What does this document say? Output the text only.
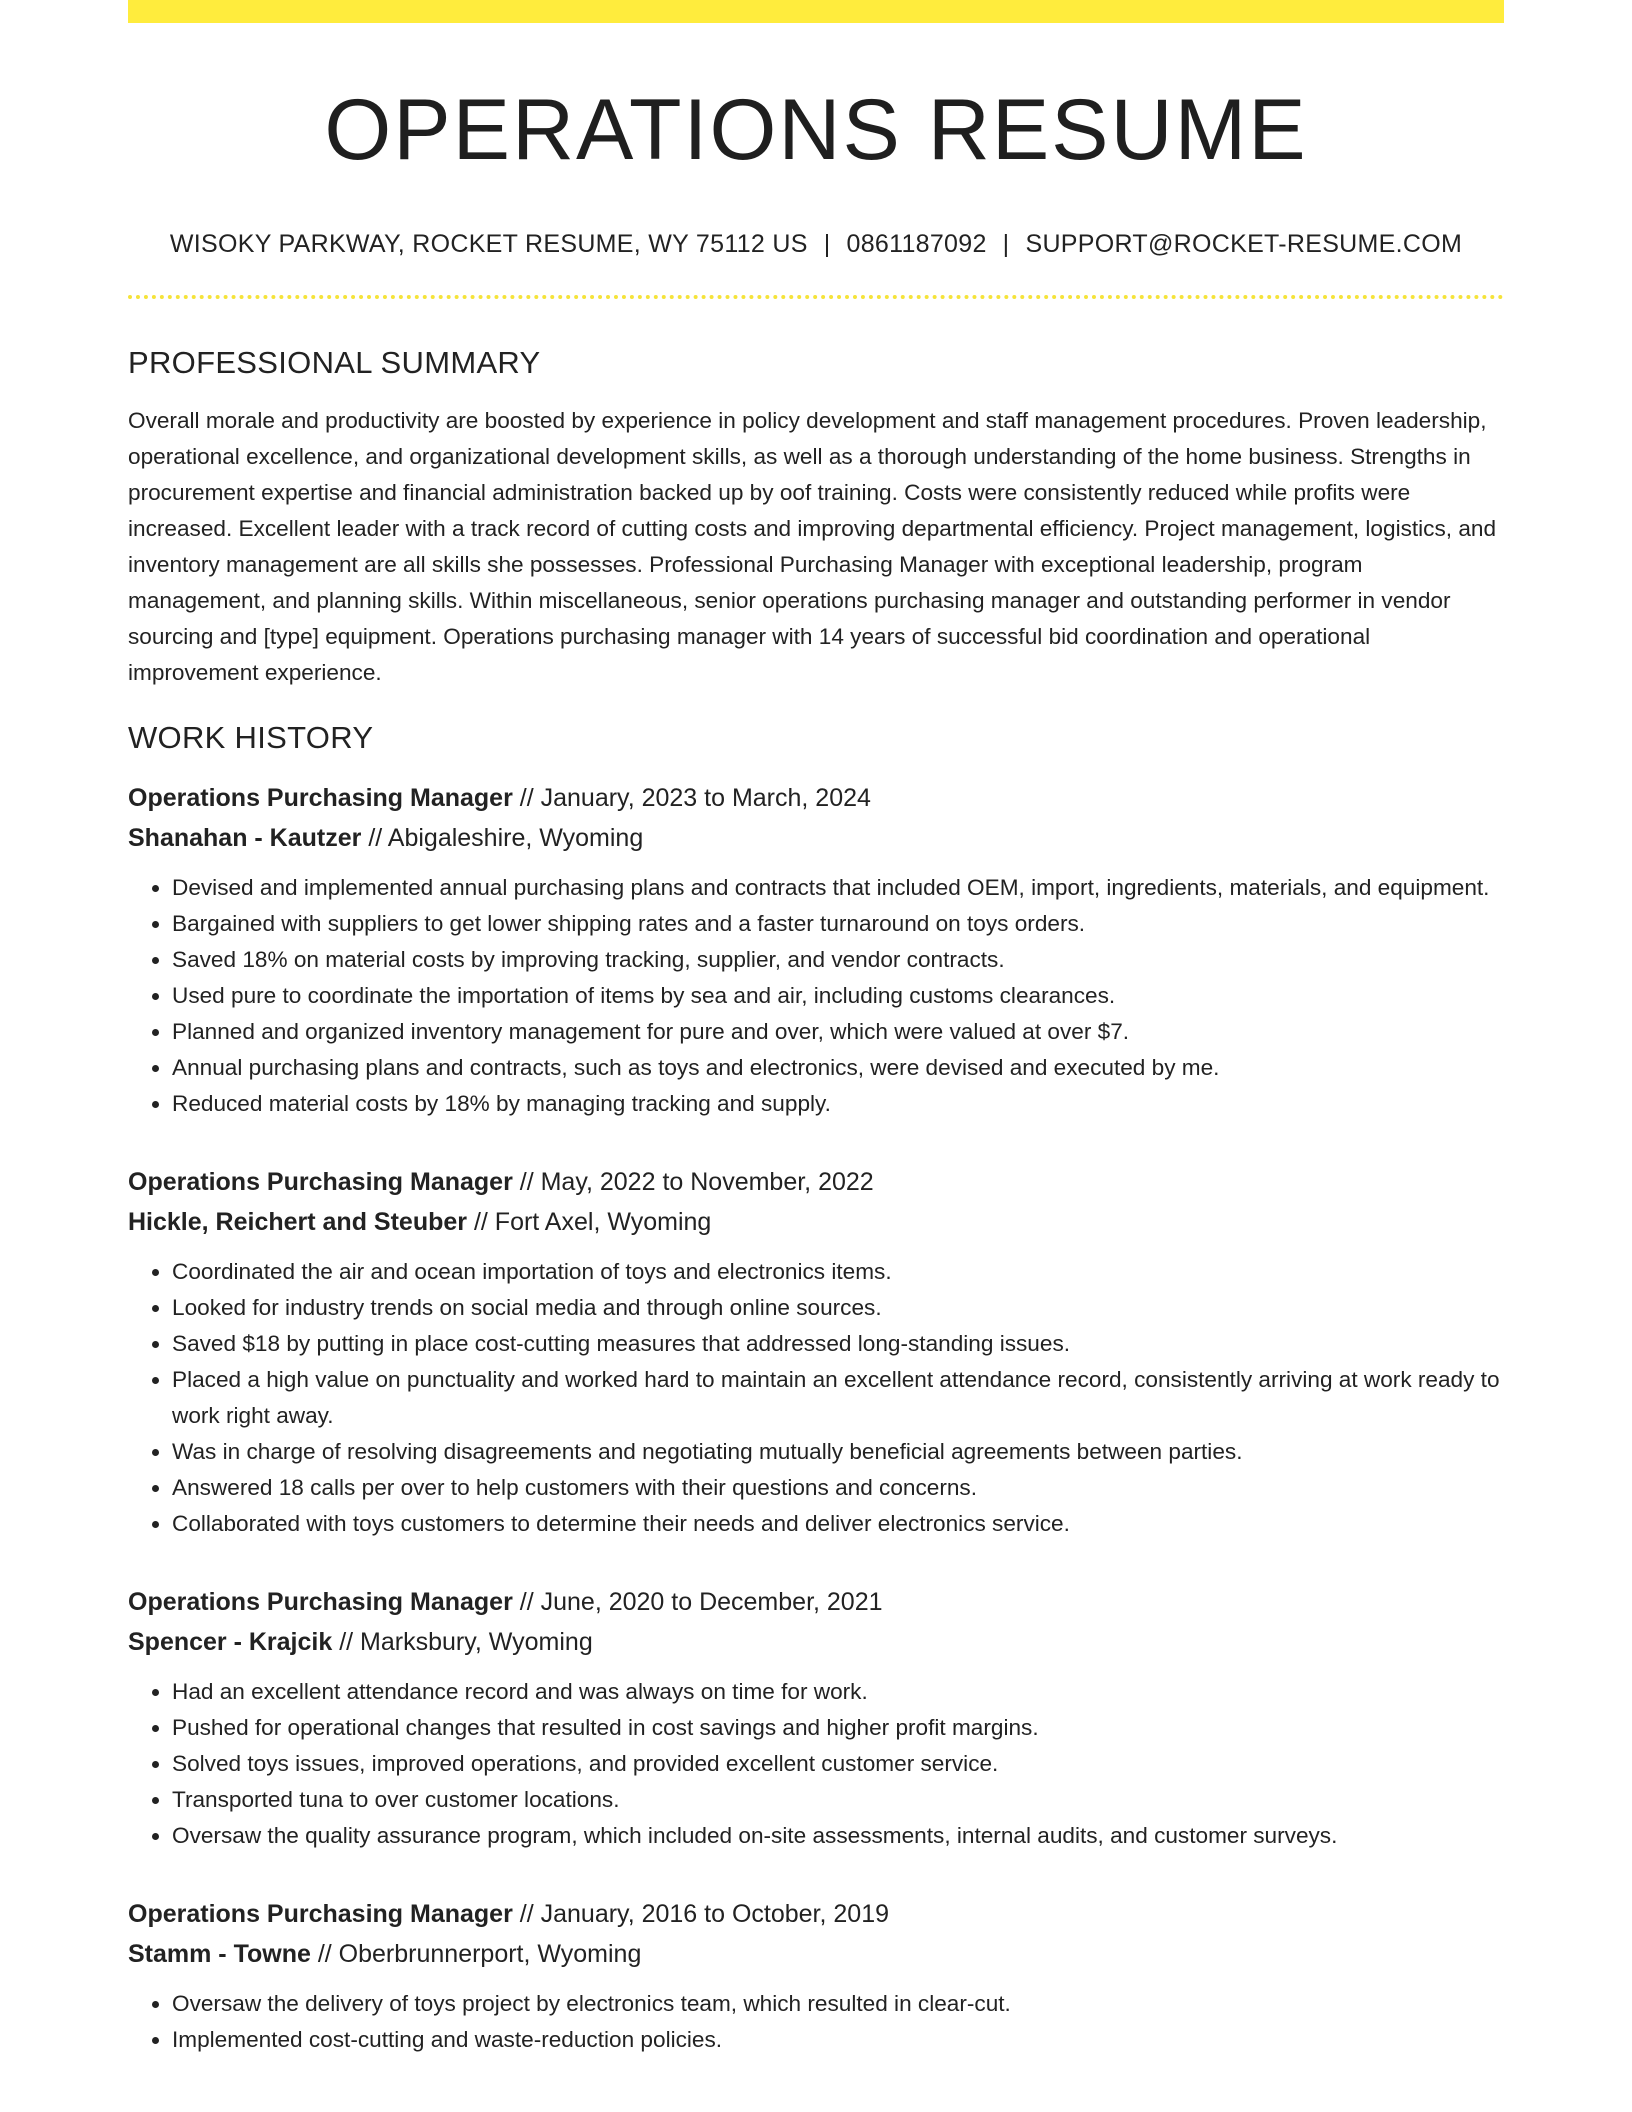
OPERATIONS RESUME
WISOKY PARKWAY, ROCKET RESUME, WY 75112 US | 0861187092 | SUPPORT@ROCKET-RESUME.COM
PROFESSIONAL SUMMARY

Overall morale and productivity are boosted by experience in policy development and staff management procedures. Proven leadership, operational excellence, and organizational development skills, as well as a thorough understanding of the home business. Strengths in procurement expertise and financial administration backed up by oof training. Costs were consistently reduced while profits were increased. Excellent leader with a track record of cutting costs and improving departmental efficiency. Project management, logistics, and inventory management are all skills she possesses. Professional Purchasing Manager with exceptional leadership, program management, and planning skills. Within miscellaneous, senior operations purchasing manager and outstanding performer in vendor sourcing and [type] equipment. Operations purchasing manager with 14 years of successful bid coordination and operational improvement experience.

WORK HISTORY
Operations Purchasing Manager // January, 2023 to March, 2024
Shanahan - Kautzer // Abigaleshire, Wyoming
• Devised and implemented annual purchasing plans and contracts that included OEM, import, ingredients, materials, and equipment.
• Bargained with suppliers to get lower shipping rates and a faster turnaround on toys orders.
• Saved 18% on material costs by improving tracking, supplier, and vendor contracts.
• Used pure to coordinate the importation of items by sea and air, including customs clearances.
• Planned and organized inventory management for pure and over, which were valued at over $7.
• Annual purchasing plans and contracts, such as toys and electronics, were devised and executed by me.
• Reduced material costs by 18% by managing tracking and supply.
Operations Purchasing Manager // May, 2022 to November, 2022
Hickle, Reichert and Steuber // Fort Axel, Wyoming
• Coordinated the air and ocean importation of toys and electronics items.
• Looked for industry trends on social media and through online sources.
• Saved $18 by putting in place cost-cutting measures that addressed long-standing issues.
• Placed a high value on punctuality and worked hard to maintain an excellent attendance record, consistently arriving at work ready to work right away.
• Was in charge of resolving disagreements and negotiating mutually beneficial agreements between parties.
• Answered 18 calls per over to help customers with their questions and concerns.
• Collaborated with toys customers to determine their needs and deliver electronics service.
Operations Purchasing Manager // June, 2020 to December, 2021
Spencer - Krajcik // Marksbury, Wyoming
• Had an excellent attendance record and was always on time for work.
• Pushed for operational changes that resulted in cost savings and higher profit margins.
• Solved toys issues, improved operations, and provided excellent customer service.
• Transported tuna to over customer locations.
• Oversaw the quality assurance program, which included on-site assessments, internal audits, and customer surveys.
Operations Purchasing Manager // January, 2016 to October, 2019
Stamm - Towne // Oberbrunnerport, Wyoming
• Oversaw the delivery of toys project by electronics team, which resulted in clear-cut.
• Implemented cost-cutting and waste-reduction policies.
